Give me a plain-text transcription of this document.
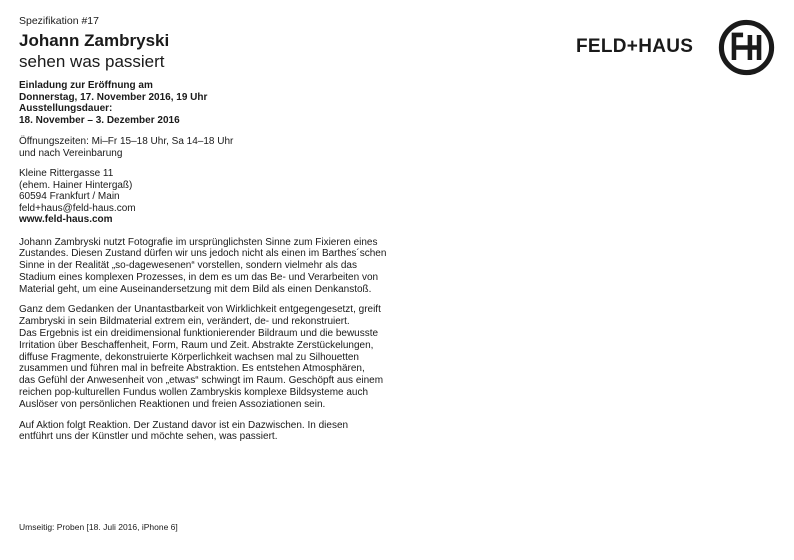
Spezifikation #17
Johann Zambryski
sehen was passiert
Einladung zur Eröffnung am
Donnerstag, 17. November 2016, 19 Uhr
Ausstellungsdauer:
18. November – 3. Dezember 2016
Öffnungszeiten: Mi–Fr 15–18 Uhr, Sa 14–18 Uhr
und nach Vereinbarung
Kleine Rittergasse 11
(ehem. Hainer Hintergaß)
60594 Frankfurt / Main
feld+haus@feld-haus.com
www.feld-haus.com
Johann Zambryski nutzt Fotografie im ursprünglichsten Sinne zum Fixieren eines
Zustandes. Diesen Zustand dürfen wir uns jedoch nicht als einen im Barthes´schen
Sinne in der Realität „so-dagewesenen“ vorstellen, sondern vielmehr als das
Stadium eines komplexen Prozesses, in dem es um das Be- und Verarbeiten von
Material geht, um eine Auseinandersetzung mit dem Bild als einen Denkanstoß.
Ganz dem Gedanken der Unantastbarkeit von Wirklichkeit entgegengesetzt, greift
Zambryski in sein Bildmaterial extrem ein, verändert, de- und rekonstruiert.
Das Ergebnis ist ein dreidimensional funktionierender Bildraum und die bewusste
Irritation über Beschaffenheit, Form, Raum und Zeit. Abstrakte Zerstückelungen,
diffuse Fragmente, dekonstruierte Körperlichkeit wachsen mal zu Silhouetten
zusammen und führen mal in befreite Abstraktion. Es entstehen Atmosphären,
das Gefühl der Anwesenheit von „etwas“ schwingt im Raum. Geschöpft aus einem
reichen pop-kulturellen Fundus wollen Zambryskis komplexe Bildsysteme auch
Auslöser von persönlichen Reaktionen und freien Assoziationen sein.
Auf Aktion folgt Reaktion. Der Zustand davor ist ein Dazwischen. In diesen
entführt uns der Künstler und möchte sehen, was passiert.
FELD+HAUS
Umseitig: Proben [18. Juli 2016, iPhone 6]
